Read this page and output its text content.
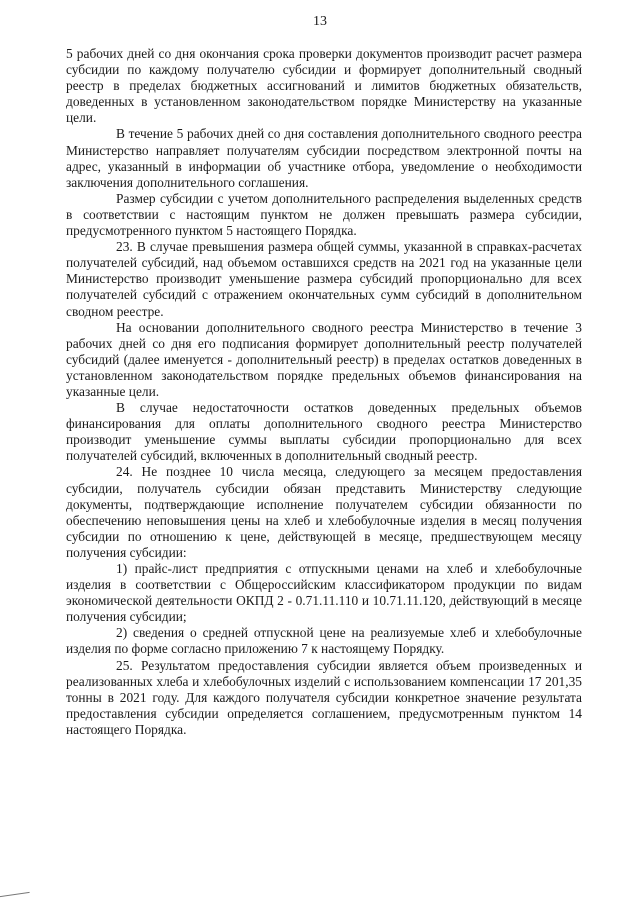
13

5 рабочих дней со дня окончания срока проверки документов производит расчет размера субсидии по каждому получателю субсидии и формирует дополнительный сводный реестр в пределах бюджетных ассигнований и лимитов бюджетных обязательств, доведенных в установленном законодательством порядке Министерству на указанные цели.

В течение 5 рабочих дней со дня составления дополнительного сводного реестра Министерство направляет получателям субсидии посредством электронной почты на адрес, указанный в информации об участнике отбора, уведомление о необходимости заключения дополнительного соглашения.

Размер субсидии с учетом дополнительного распределения выделенных средств в соответствии с настоящим пунктом не должен превышать размера субсидии, предусмотренного пунктом 5 настоящего Порядка.

23. В случае превышения размера общей суммы, указанной в справках-расчетах получателей субсидий, над объемом оставшихся средств на 2021 год на указанные цели Министерство производит уменьшение размера субсидий пропорционально для всех получателей субсидий с отражением окончательных сумм субсидий в дополнительном сводном реестре.

На основании дополнительного сводного реестра Министерство в течение 3 рабочих дней со дня его подписания формирует дополнительный реестр получателей субсидий (далее именуется - дополнительный реестр) в пределах остатков доведенных в установленном законодательством порядке предельных объемов финансирования на указанные цели.

В случае недостаточности остатков доведенных предельных объемов финансирования для оплаты дополнительного сводного реестра Министерство производит уменьшение суммы выплаты субсидии пропорционально для всех получателей субсидий, включенных в дополнительный сводный реестр.

24. Не позднее 10 числа месяца, следующего за месяцем предоставления субсидии, получатель субсидии обязан представить Министерству следующие документы, подтверждающие исполнение получателем субсидии обязанности по обеспечению неповышения цены на хлеб и хлебобулочные изделия в месяц получения субсидии по отношению к цене, действующей в месяце, предшествующем месяцу получения субсидии:

1) прайс-лист предприятия с отпускными ценами на хлеб и хлебобулочные изделия в соответствии с Общероссийским классификатором продукции по видам экономической деятельности ОКПД 2 - 0.71.11.110 и 10.71.11.120, действующий в месяце получения субсидии;

2) сведения о средней отпускной цене на реализуемые хлеб и хлебобулочные изделия по форме согласно приложению 7 к настоящему Порядку.

25. Результатом предоставления субсидии является объем произведенных и реализованных хлеба и хлебобулочных изделий с использованием компенсации 17 201,35 тонны в 2021 году. Для каждого получателя субсидии конкретное значение результата предоставления субсидии определяется соглашением, предусмотренным пунктом 14 настоящего Порядка.
